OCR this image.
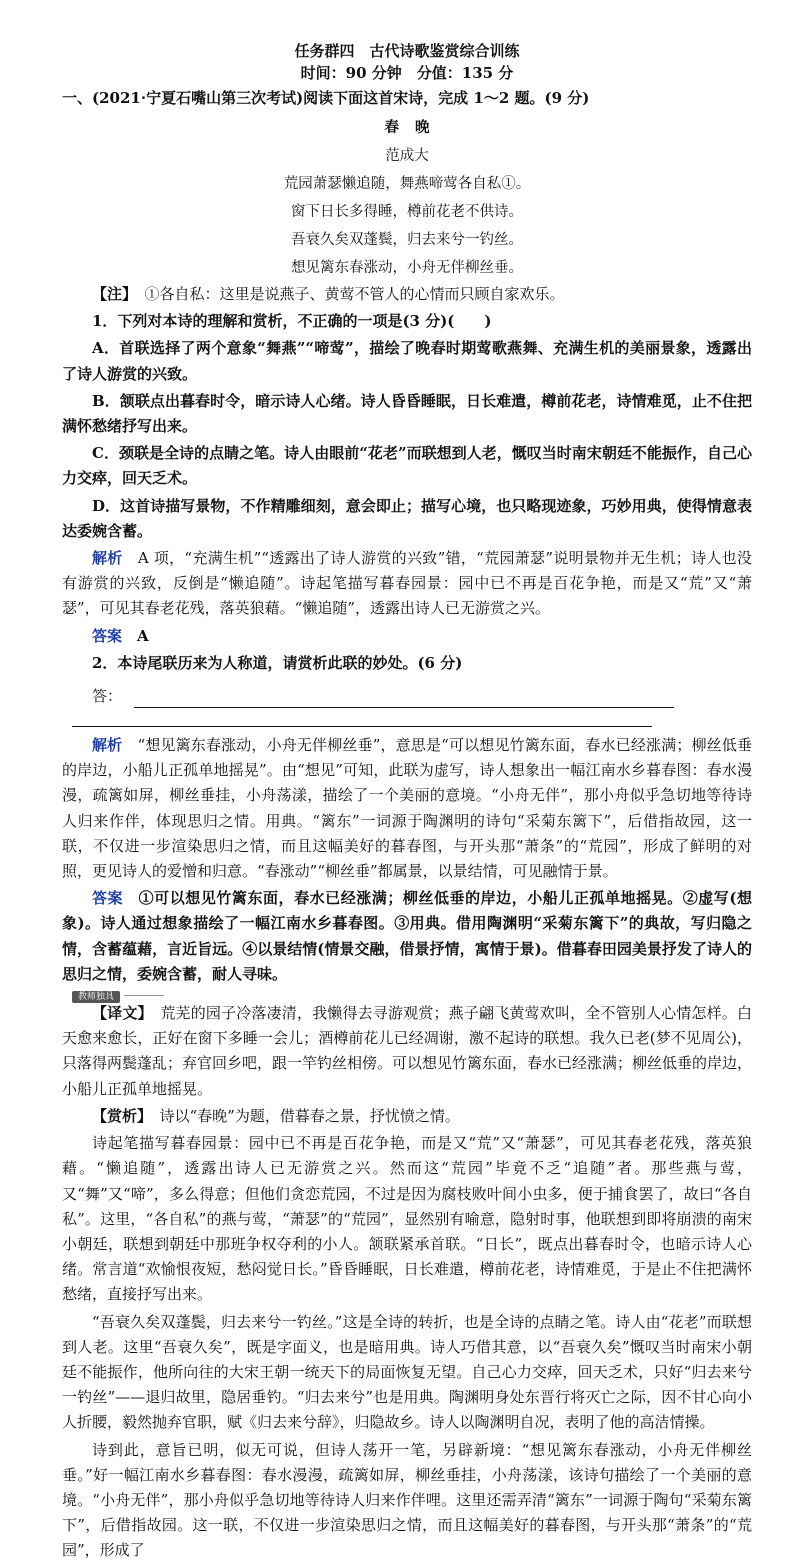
任务群四　古代诗歌鉴赏综合训练
时间：90 分钟　分值：135 分
一、(2021·宁夏石嘴山第三次考试)阅读下面这首宋诗，完成 1～2 题。(9 分)
春晚
范成大
荒园萧瑟懒追随，舞燕啼莺各自私①。
窗下日长多得睡，樽前花老不供诗。
吾衰久矣双蓬鬓，归去来兮一钓丝。
想见篱东春涨动，小舟无伴柳丝垂。

【注】　①各自私：这里是说燕子、黄莺不管人的心情而只顾自家欢乐。

1．下列对本诗的理解和赏析，不正确的一项是(3 分)(　　)

A．首联选择了两个意象“舞燕”“啼莺”，描绘了晚春时期莺歌燕舞、充满生机的美丽景象，透露出了诗人游赏的兴致。

B．颔联点出暮春时令，暗示诗人心绪。诗人昏昏睡眠，日长难遣，樽前花老，诗情难觅，止不住把满怀愁绪抒写出来。

C．颈联是全诗的点睛之笔。诗人由眼前“花老”而联想到人老，慨叹当时南宋朝廷不能振作，自己心力交瘁，回天乏术。

D．这首诗描写景物，不作精雕细刻，意会即止；描写心境，也只略现迹象，巧妙用典，使得情意表达委婉含蓄。

解析　A 项，“充满生机”“透露出了诗人游赏的兴致”错，“荒园萧瑟”说明景物并无生机；诗人也没有游赏的兴致，反倒是“懒追随”。诗起笔描写暮春园景：园中已不再是百花争艳，而是又“荒”又“萧瑟”，可见其春老花残，落英狼藉。“懒追随”，透露出诗人已无游赏之兴。

答案　A

2．本诗尾联历来为人称道，请赏析此联的妙处。(6 分)

答：

解析　“想见篱东春涨动，小舟无伴柳丝垂”，意思是“可以想见竹篱东面，春水已经涨满；柳丝低垂的岸边，小船儿正孤单地摇晃”。由“想见”可知，此联为虚写，诗人想象出一幅江南水乡暮春图：春水漫漫，疏篱如屏，柳丝垂挂，小舟荡漾，描绘了一个美丽的意境。“小舟无伴”，那小舟似乎急切地等待诗人归来作伴，体现思归之情。用典。“篱东”一词源于陶渊明的诗句“采菊东篱下”，后借指故园，这一联，不仅进一步渲染思归之情，而且这幅美好的暮春图，与开头那“萧条”的“荒园”，形成了鲜明的对照，更见诗人的爱憎和归意。“春涨动”“柳丝垂”都属景，以景结情，可见融情于景。

答案　①可以想见竹篱东面，春水已经涨满；柳丝低垂的岸边，小船儿正孤单地摇晃。②虚写(想象)。诗人通过想象描绘了一幅江南水乡暮春图。③用典。借用陶渊明“采菊东篱下”的典故，写归隐之情，含蓄蕴藉，言近旨远。④以景结情(情景交融，借景抒情，寓情于景)。借暮春田园美景抒发了诗人的思归之情，委婉含蓄，耐人寻味。

教师独具

【译文】　荒芜的园子冷落凄清，我懒得去寻游观赏；燕子翩飞黄莺欢叫，全不管别人心情怎样。白天愈来愈长，正好在窗下多睡一会儿；酒樽前花儿已经凋谢，激不起诗的联想。我久已老(梦不见周公)，只落得两鬓蓬乱；弃官回乡吧，跟一竿钓丝相傍。可以想见竹篱东面，春水已经涨满；柳丝低垂的岸边，小船儿正孤单地摇晃。

【赏析】　诗以“春晚”为题，借暮春之景，抒忧愤之情。

诗起笔描写暮春园景：园中已不再是百花争艳，而是又“荒”又“萧瑟”，可见其春老花残，落英狼藉。“懒追随”，透露出诗人已无游赏之兴。然而这“荒园”毕竟不乏“追随”者。那些燕与莺，又“舞”又“啼”，多么得意；但他们贪恋荒园，不过是因为腐枝败叶间小虫多，便于捕食罢了，故曰“各自私”。这里，“各自私”的燕与莺，“萧瑟”的“荒园”，显然别有喻意，隐射时事，他联想到即将崩溃的南宋小朝廷，联想到朝廷中那班争权夺利的小人。颔联紧承首联。“日长”，既点出暮春时令，也暗示诗人心绪。常言道“欢愉恨夜短，愁闷觉日长。”昏昏睡眠，日长难遣，樽前花老，诗情难觅，于是止不住把满怀愁绪，直接抒写出来。

“吾衰久矣双蓬鬓，归去来兮一钓丝。”这是全诗的转折，也是全诗的点睛之笔。诗人由“花老”而联想到人老。这里“吾衰久矣”，既是字面义，也是暗用典。诗人巧借其意，以“吾衰久矣”慨叹当时南宋小朝廷不能振作，他所向往的大宋王朝一统天下的局面恢复无望。自己心力交瘁，回天乏术，只好“归去来兮一钓丝”——退归故里，隐居垂钓。“归去来兮”也是用典。陶渊明身处东晋行将灭亡之际，因不甘心向小人折腰，毅然抛弃官职，赋《归去来兮辞》，归隐故乡。诗人以陶渊明自况，表明了他的高洁情操。

诗到此，意旨已明，似无可说，但诗人荡开一笔，另辟新境：“想见篱东春涨动，小舟无伴柳丝垂。”好一幅江南水乡暮春图：春水漫漫，疏篱如屏，柳丝垂挂，小舟荡漾，该诗句描绘了一个美丽的意境。“小舟无伴”，那小舟似乎急切地等待诗人归来作伴哩。这里还需弄清“篱东”一词源于陶句“采菊东篱下”，后借指故园。这一联，不仅进一步渲染思归之情，而且这幅美好的暮春图，与开头那“萧条”的“荒园”，形成了
